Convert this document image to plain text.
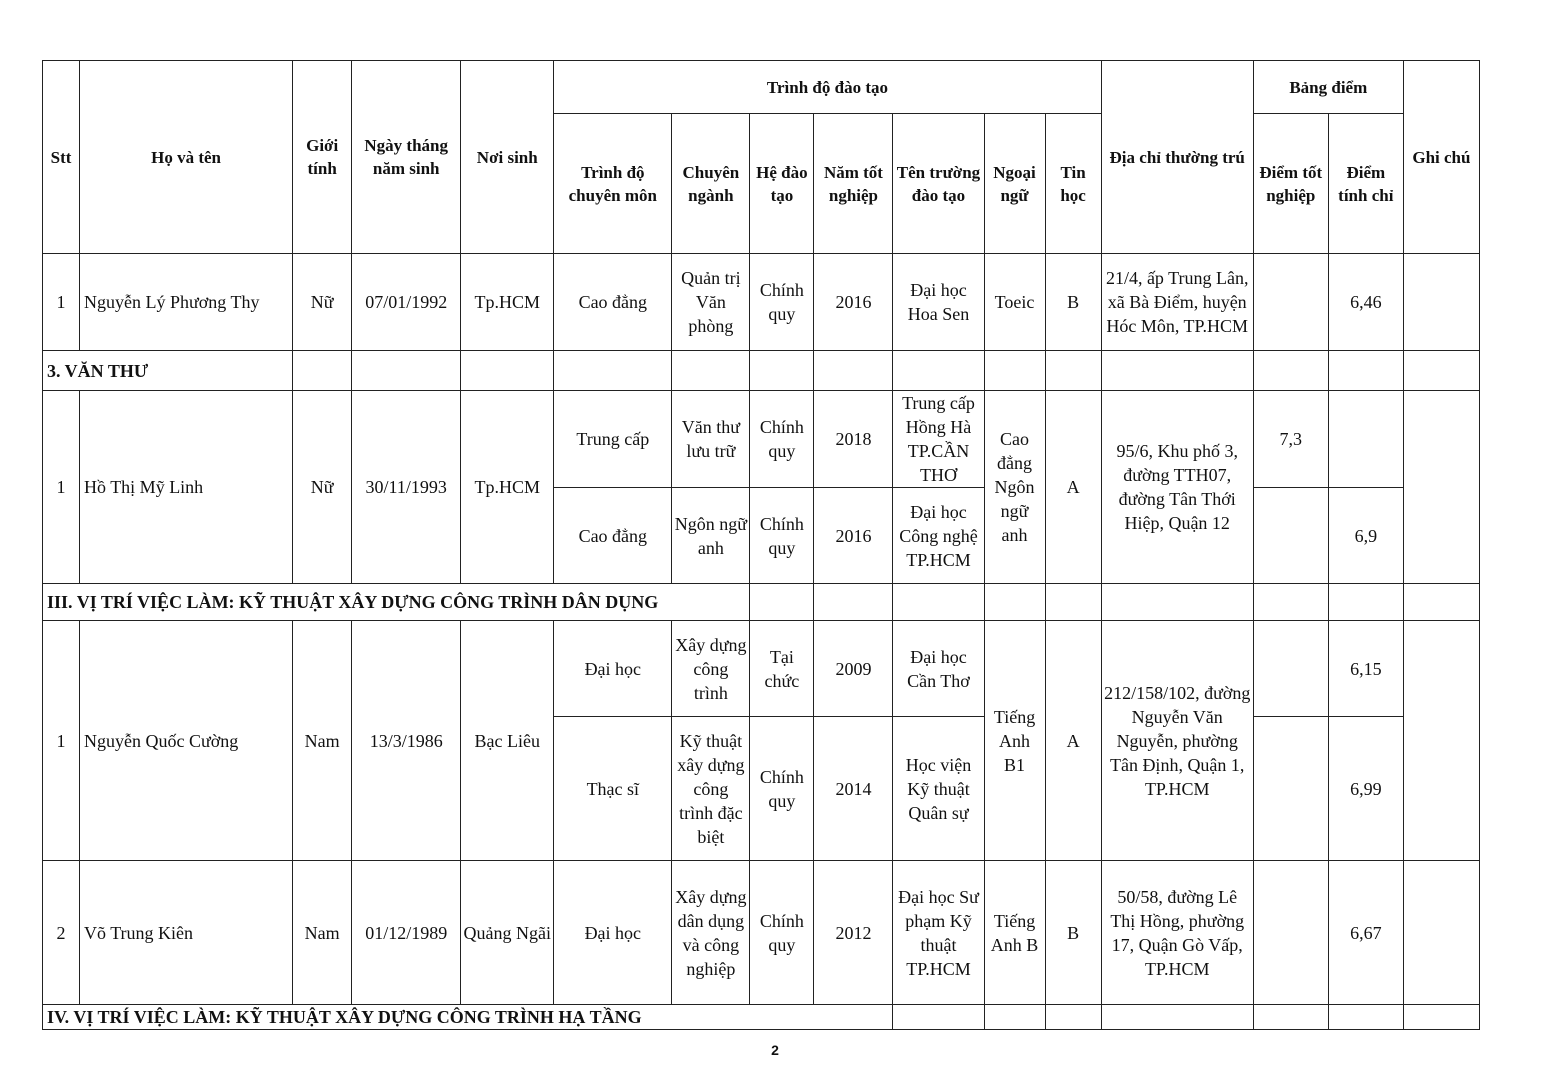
Stt	Họ và tên	Giới tính	Ngày tháng năm sinh	Nơi sinh	Trình độ đào tạo							Địa chỉ thường trú	Bảng điểm		Ghi chú
					Trình độ chuyên môn	Chuyên ngành	Hệ đào tạo	Năm tốt nghiệp	Tên trường đào tạo	Ngoại ngữ	Tin học		Điểm tốt nghiệp	Điểm tính chỉ	
1	Nguyễn Lý Phương Thy	Nữ	07/01/1992	Tp.HCM	Cao đẳng	Quản trị Văn phòng	Chính quy	2016	Đại học Hoa Sen	Toeic	B	21/4, ấp Trung Lân, xã Bà Điểm, huyện Hóc Môn, TP.HCM		6,46	
3. VĂN THƯ															
1	Hồ Thị Mỹ Linh	Nữ	30/11/1993	Tp.HCM	Trung cấp	Văn thư lưu trữ	Chính quy	2018	Trung cấp Hồng Hà TP.CẦN THƠ	Cao đẳng Ngôn ngữ anh	A	95/6, Khu phố 3, đường TTH07, đường Tân Thới Hiệp, Quận 12	7,3		
					Cao đẳng	Ngôn ngữ anh	Chính quy	2016	Đại học Công nghệ TP.HCM					6,9	
III. VỊ TRÍ VIỆC LÀM: KỸ THUẬT XÂY DỰNG CÔNG TRÌNH DÂN DỤNG															
1	Nguyễn Quốc Cường	Nam	13/3/1986	Bạc Liêu	Đại học	Xây dựng công trình	Tại chức	2009	Đại học Cần Thơ	Tiếng Anh B1	A	212/158/102, đường Nguyễn Văn Nguyễn, phường Tân Định, Quận 1, TP.HCM		6,15	
					Thạc sĩ	Kỹ thuật xây dựng công trình đặc biệt	Chính quy	2014	Học viện Kỹ thuật Quân sự					6,99	
2	Võ Trung Kiên	Nam	01/12/1989	Quảng Ngãi	Đại học	Xây dựng dân dụng và công nghiệp	Chính quy	2012	Đại học Sư phạm Kỹ thuật TP.HCM	Tiếng Anh B	B	50/58, đường Lê Thị Hồng, phường 17, Quận Gò Vấp, TP.HCM		6,67	
IV. VỊ TRÍ VIỆC LÀM: KỸ THUẬT XÂY DỰNG CÔNG TRÌNH HẠ TẦNG															
2
